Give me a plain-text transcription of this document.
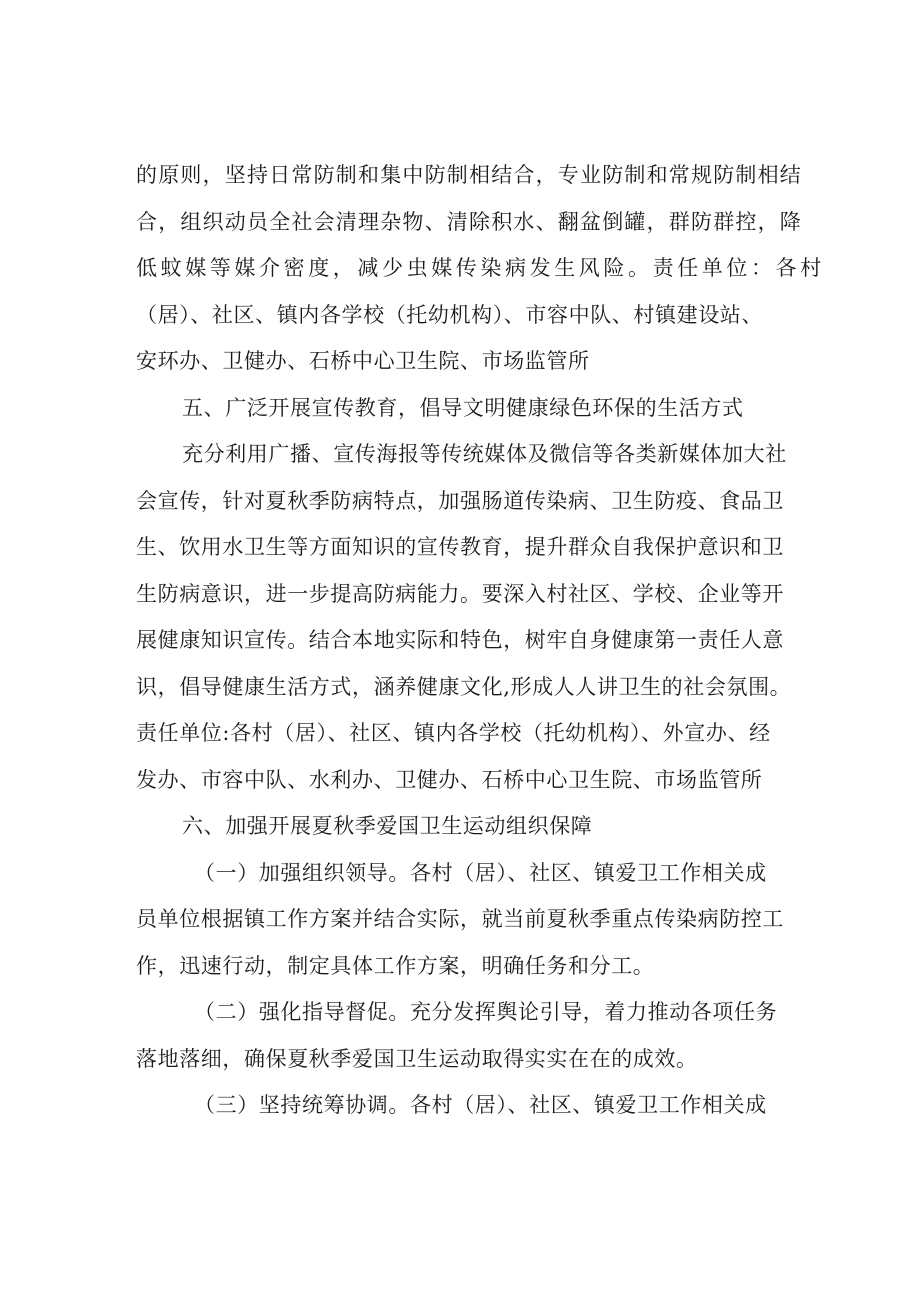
的原则，坚持日常防制和集中防制相结合，专业防制和常规防制相结
合，组织动员全社会清理杂物、清除积水、翻盆倒罐，群防群控，降
低蚊媒等媒介密度，减少虫媒传染病发生风险。责任单位：各村
（居）、社区、镇内各学校（托幼机构）、市容中队、村镇建设站、
安环办、卫健办、石桥中心卫生院、市场监管所
五、广泛开展宣传教育，倡导文明健康绿色环保的生活方式
充分利用广播、宣传海报等传统媒体及微信等各类新媒体加大社
会宣传，针对夏秋季防病特点，加强肠道传染病、卫生防疫、食品卫
生、饮用水卫生等方面知识的宣传教育，提升群众自我保护意识和卫
生防病意识，进一步提高防病能力。要深入村社区、学校、企业等开
展健康知识宣传。结合本地实际和特色，树牢自身健康第一责任人意
识，倡导健康生活方式，涵养健康文化,形成人人讲卫生的社会氛围。
责任单位:各村（居）、社区、镇内各学校（托幼机构）、外宣办、经
发办、市容中队、水利办、卫健办、石桥中心卫生院、市场监管所
六、加强开展夏秋季爱国卫生运动组织保障
（一）加强组织领导。各村（居）、社区、镇爱卫工作相关成
员单位根据镇工作方案并结合实际，就当前夏秋季重点传染病防控工
作，迅速行动，制定具体工作方案，明确任务和分工。
（二）强化指导督促。充分发挥舆论引导，着力推动各项任务
落地落细，确保夏秋季爱国卫生运动取得实实在在的成效。
（三）坚持统筹协调。各村（居）、社区、镇爱卫工作相关成
